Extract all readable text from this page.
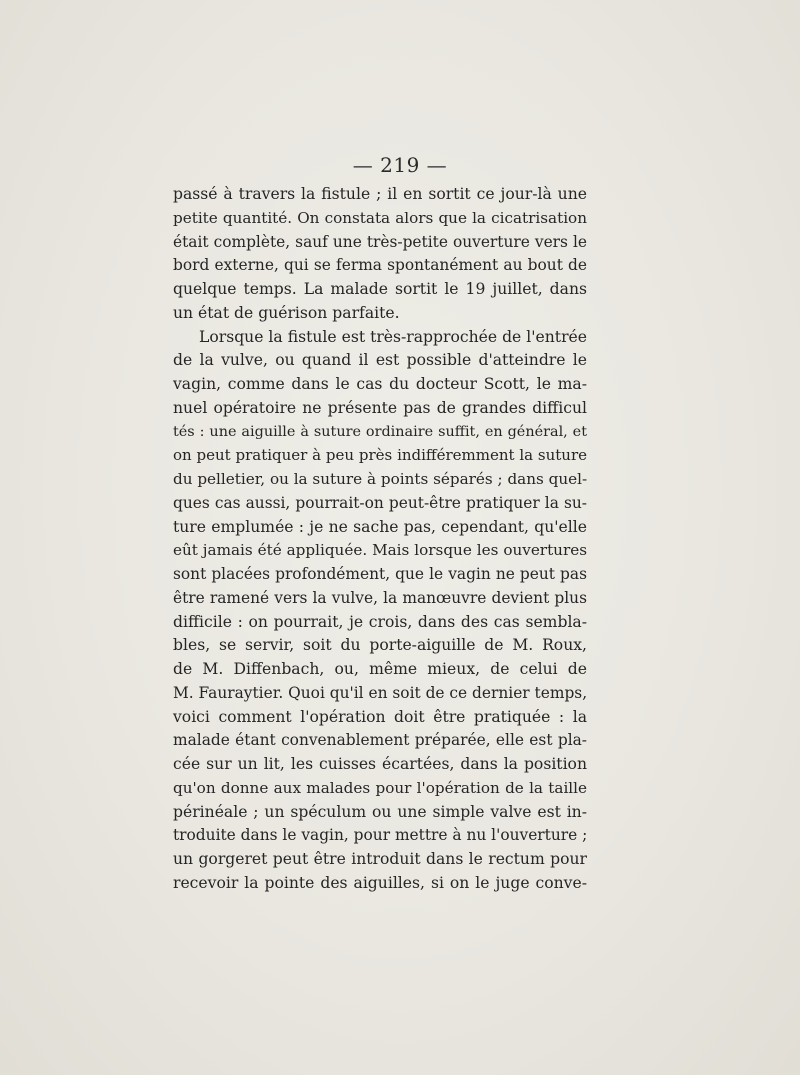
— 219 —
passé à travers la fistule ; il en sortit ce jour-là une
petite quantité. On constata alors que la cicatrisation
était complète, sauf une très-petite ouverture vers le
bord externe, qui se ferma spontanément au bout de
quelque temps. La malade sortit le 19 juillet, dans
un état de guérison parfaite.
Lorsque la fistule est très-rapprochée de l'entrée
de la vulve, ou quand il est possible d'atteindre le
vagin, comme dans le cas du docteur Scott, le ma-
nuel opératoire ne présente pas de grandes difficul
tés : une aiguille à suture ordinaire suffit, en général, et
on peut pratiquer à peu près indifféremment la suture
du pelletier, ou la suture à points séparés ; dans quel-
ques cas aussi, pourrait-on peut-être pratiquer la su-
ture emplumée : je ne sache pas, cependant, qu'elle
eût jamais été appliquée. Mais lorsque les ouvertures
sont placées profondément, que le vagin ne peut pas
être ramené vers la vulve, la manœuvre devient plus
difficile : on pourrait, je crois, dans des cas sembla-
bles, se servir, soit du porte-aiguille de M. Roux,
de M. Diffenbach, ou, même mieux, de celui de
M. Fauraytier. Quoi qu'il en soit de ce dernier temps,
voici comment l'opération doit être pratiquée : la
malade étant convenablement préparée, elle est pla-
cée sur un lit, les cuisses écartées, dans la position
qu'on donne aux malades pour l'opération de la taille
périnéale ; un spéculum ou une simple valve est in-
troduite dans le vagin, pour mettre à nu l'ouverture ;
un gorgeret peut être introduit dans le rectum pour
recevoir la pointe des aiguilles, si on le juge conve-
